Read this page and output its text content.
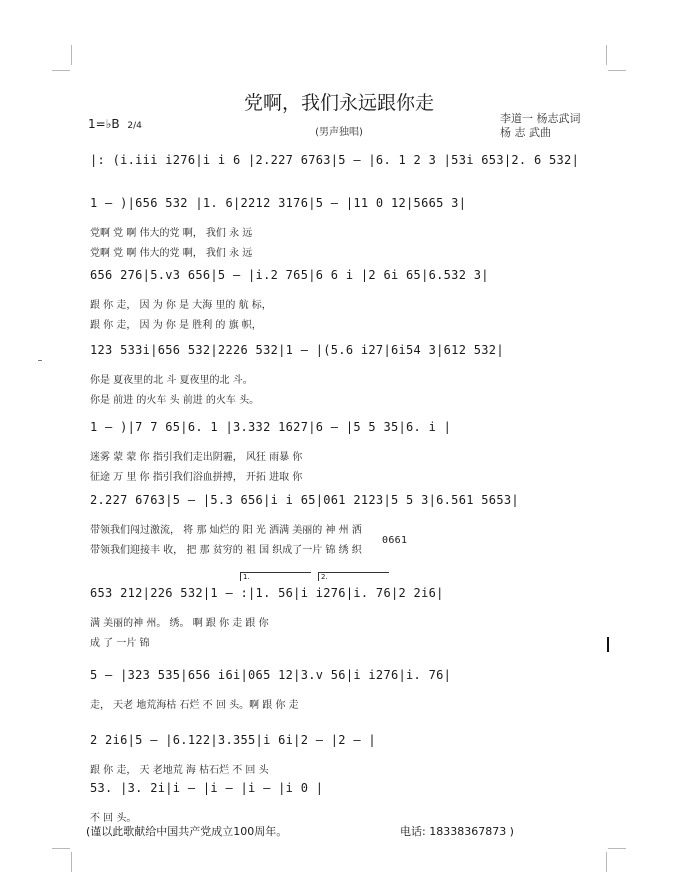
党啊，我们永远跟你走
(男声独唱)
1=♭B 2/4
李道一 杨志武词
杨 志 武曲
|: (i.iii i276|i i 6 |2.227 6763|5 – |6. 1 2 3 |53i 653|2. 6 532|
1 – )|656 532 |1. 6|2212 3176|5 – |11 0 12|5665 3|
党啊 党 啊 伟大的党 啊， 我们 永 远
党啊 党 啊 伟大的党 啊， 我们 永 远
656 276|5.v3 656|5 – |i.2 765|6 6 i |2 6i 65|6.532 3|
跟 你 走， 因 为 你 是 大海 里的 航 标，
跟 你 走， 因 为 你 是 胜利 的 旗 帜，
123 533i|656 532|2226 532|1 – |(5.6 i27|6i54 3|612 532|
你是 夏夜里的北 斗 夏夜里的北 斗。
你是 前进 的火车 头 前进 的火车 头。
1 – )|7 7 65|6. 1 |3.332 1627|6 – |5 5 35|6. i |
迷雾 蒙 蒙 你 指引我们走出阴霾， 风狂 雨暴 你
征途 万 里 你 指引我们浴血拼搏， 开拓 进取 你
2.227 6763|5 – |5.3 656|i i 65|061 2123|5 5 3|6.561 5653|
0661
带领我们闯过激流， 将 那 灿烂的 阳 光 洒满 美丽的 神 州 洒
带领我们迎接丰 收， 把 那 贫穷的 祖 国 织成了一片 锦 绣 织
653 212|226 532|1 – :|1. 56|i i276|i. 76|2 2i6|
1.	2.
满 美丽的神 州。 绣。 啊 跟 你 走 跟 你
成 了 一片 锦
5 – |323 535|656 i6i|065 12|3.v 56|i i276|i. 76|
走， 天老 地荒海枯 石烂 不 回 头。啊 跟 你 走
2 2i6|5 – |6.122|3.355|i 6i|2 – |2 – |
跟 你 走， 天 老地荒 海 枯石烂 不 回 头
53. |3. 2i|i – |i – |i – |i 0 |
不 回 头。
(谨以此歌献给中国共产党成立100周年。	电话: 18338367873 )
